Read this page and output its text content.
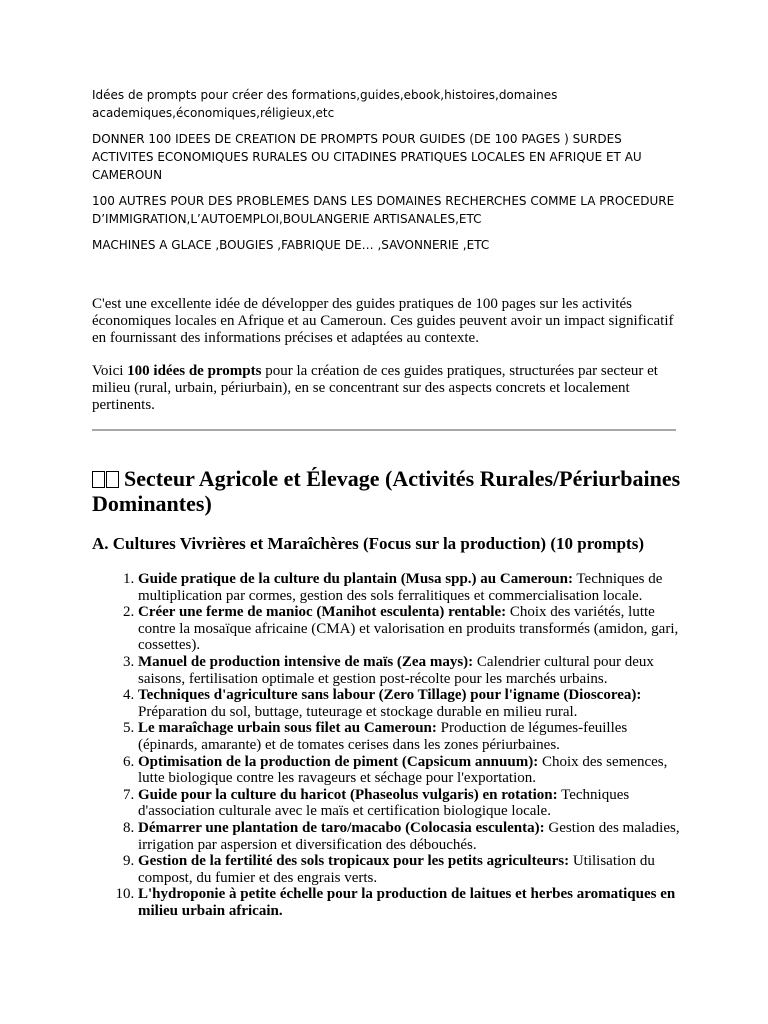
Idées de prompts pour créer des formations,guides,ebook,histoires,domaines academiques,économiques,réligieux,etc

DONNER 100 IDEES DE CREATION DE PROMPTS POUR GUIDES (DE 100 PAGES ) SURDES ACTIVITES ECONOMIQUES RURALES OU CITADINES PRATIQUES LOCALES EN AFRIQUE ET AU CAMEROUN

100 AUTRES POUR DES PROBLEMES DANS LES DOMAINES RECHERCHES COMME LA PROCEDURE D’IMMIGRATION,L’AUTOEMPLOI,BOULANGERIE ARTISANALES,ETC

MACHINES A GLACE ,BOUGIES ,FABRIQUE DE… ,SAVONNERIE ,ETC

C'est une excellente idée de développer des guides pratiques de 100 pages sur les activités économiques locales en Afrique et au Cameroun. Ces guides peuvent avoir un impact significatif en fournissant des informations précises et adaptées au contexte.

Voici 100 idées de prompts pour la création de ces guides pratiques, structurées par secteur et milieu (rural, urbain, périurbain), en se concentrant sur des aspects concrets et localement pertinents.

Secteur Agricole et Élevage (Activités Rurales/Périurbaines Dominantes)
A. Cultures Vivrières et Maraîchères (Focus sur la production) (10 prompts)
1. Guide pratique de la culture du plantain (Musa spp.) au Cameroun: Techniques de multiplication par cormes, gestion des sols ferralitiques et commercialisation locale.
2. Créer une ferme de manioc (Manihot esculenta) rentable: Choix des variétés, lutte contre la mosaïque africaine (CMA) et valorisation en produits transformés (amidon, gari, cossettes).
3. Manuel de production intensive de maïs (Zea mays): Calendrier cultural pour deux saisons, fertilisation optimale et gestion post-récolte pour les marchés urbains.
4. Techniques d'agriculture sans labour (Zero Tillage) pour l'igname (Dioscorea): Préparation du sol, buttage, tuteurage et stockage durable en milieu rural.
5. Le maraîchage urbain sous filet au Cameroun: Production de légumes-feuilles (épinards, amarante) et de tomates cerises dans les zones périurbaines.
6. Optimisation de la production de piment (Capsicum annuum): Choix des semences, lutte biologique contre les ravageurs et séchage pour l'exportation.
7. Guide pour la culture du haricot (Phaseolus vulgaris) en rotation: Techniques d'association culturale avec le maïs et certification biologique locale.
8. Démarrer une plantation de taro/macabo (Colocasia esculenta): Gestion des maladies, irrigation par aspersion et diversification des débouchés.
9. Gestion de la fertilité des sols tropicaux pour les petits agriculteurs: Utilisation du compost, du fumier et des engrais verts.
10. L'hydroponie à petite échelle pour la production de laitues et herbes aromatiques en milieu urbain africain.
